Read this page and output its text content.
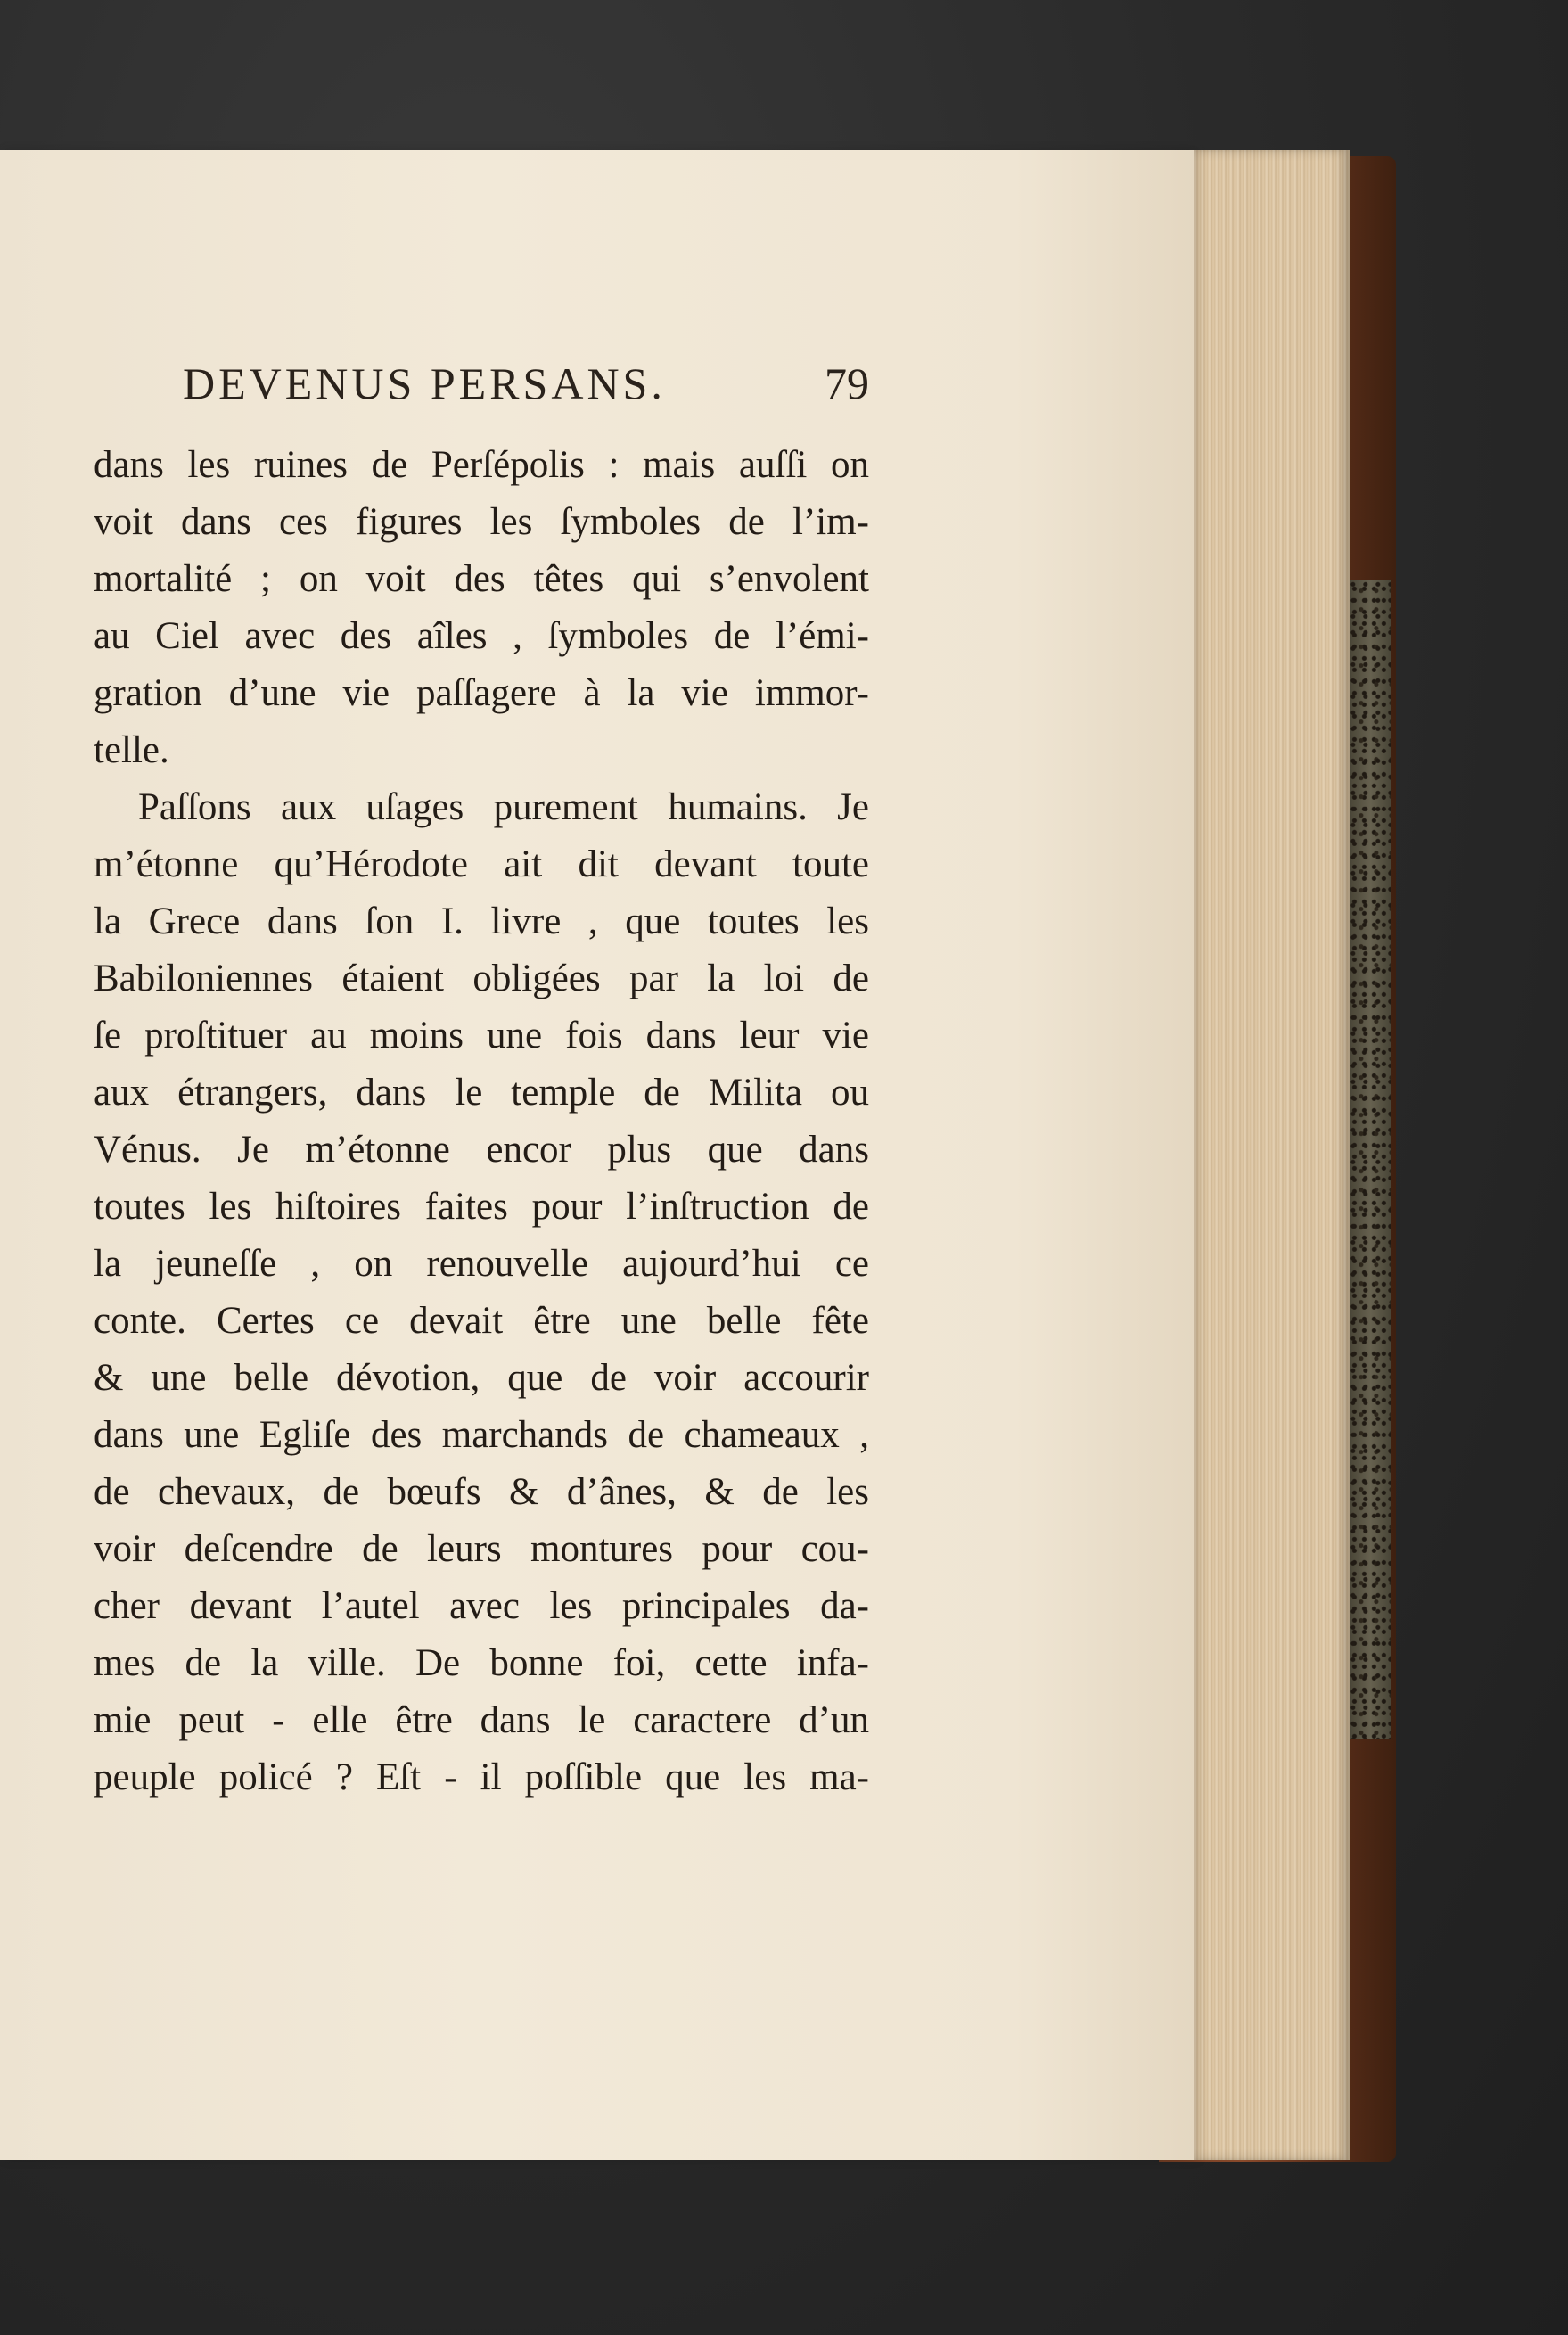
DEVENUS PERSANS.	79
dans les ruines de Perſépolis : mais auſſi on
voit dans ces figures les ſymboles de l’im-
mortalité ; on voit des têtes qui s’envolent
au Ciel avec des aîles , ſymboles de l’émi-
gration d’une vie paſſagere à la vie immor-
telle.
Paſſons aux uſages purement humains. Je
m’étonne qu’Hérodote ait dit devant toute
la Grece dans ſon I. livre , que toutes les
Babiloniennes étaient obligées par la loi de
ſe proſtituer au moins une fois dans leur vie
aux étrangers, dans le temple de Milita ou
Vénus. Je m’étonne encor plus que dans
toutes les hiſtoires faites pour l’inſtruction de
la jeuneſſe , on renouvelle aujourd’hui ce
conte. Certes ce devait être une belle fête
& une belle dévotion, que de voir accourir
dans une Egliſe des marchands de chameaux ,
de chevaux, de bœufs & d’ânes, & de les
voir deſcendre de leurs montures pour cou-
cher devant l’autel avec les principales da-
mes de la ville. De bonne foi, cette infa-
mie peut - elle être dans le caractere d’un
peuple policé ? Eſt - il poſſible que les ma-
